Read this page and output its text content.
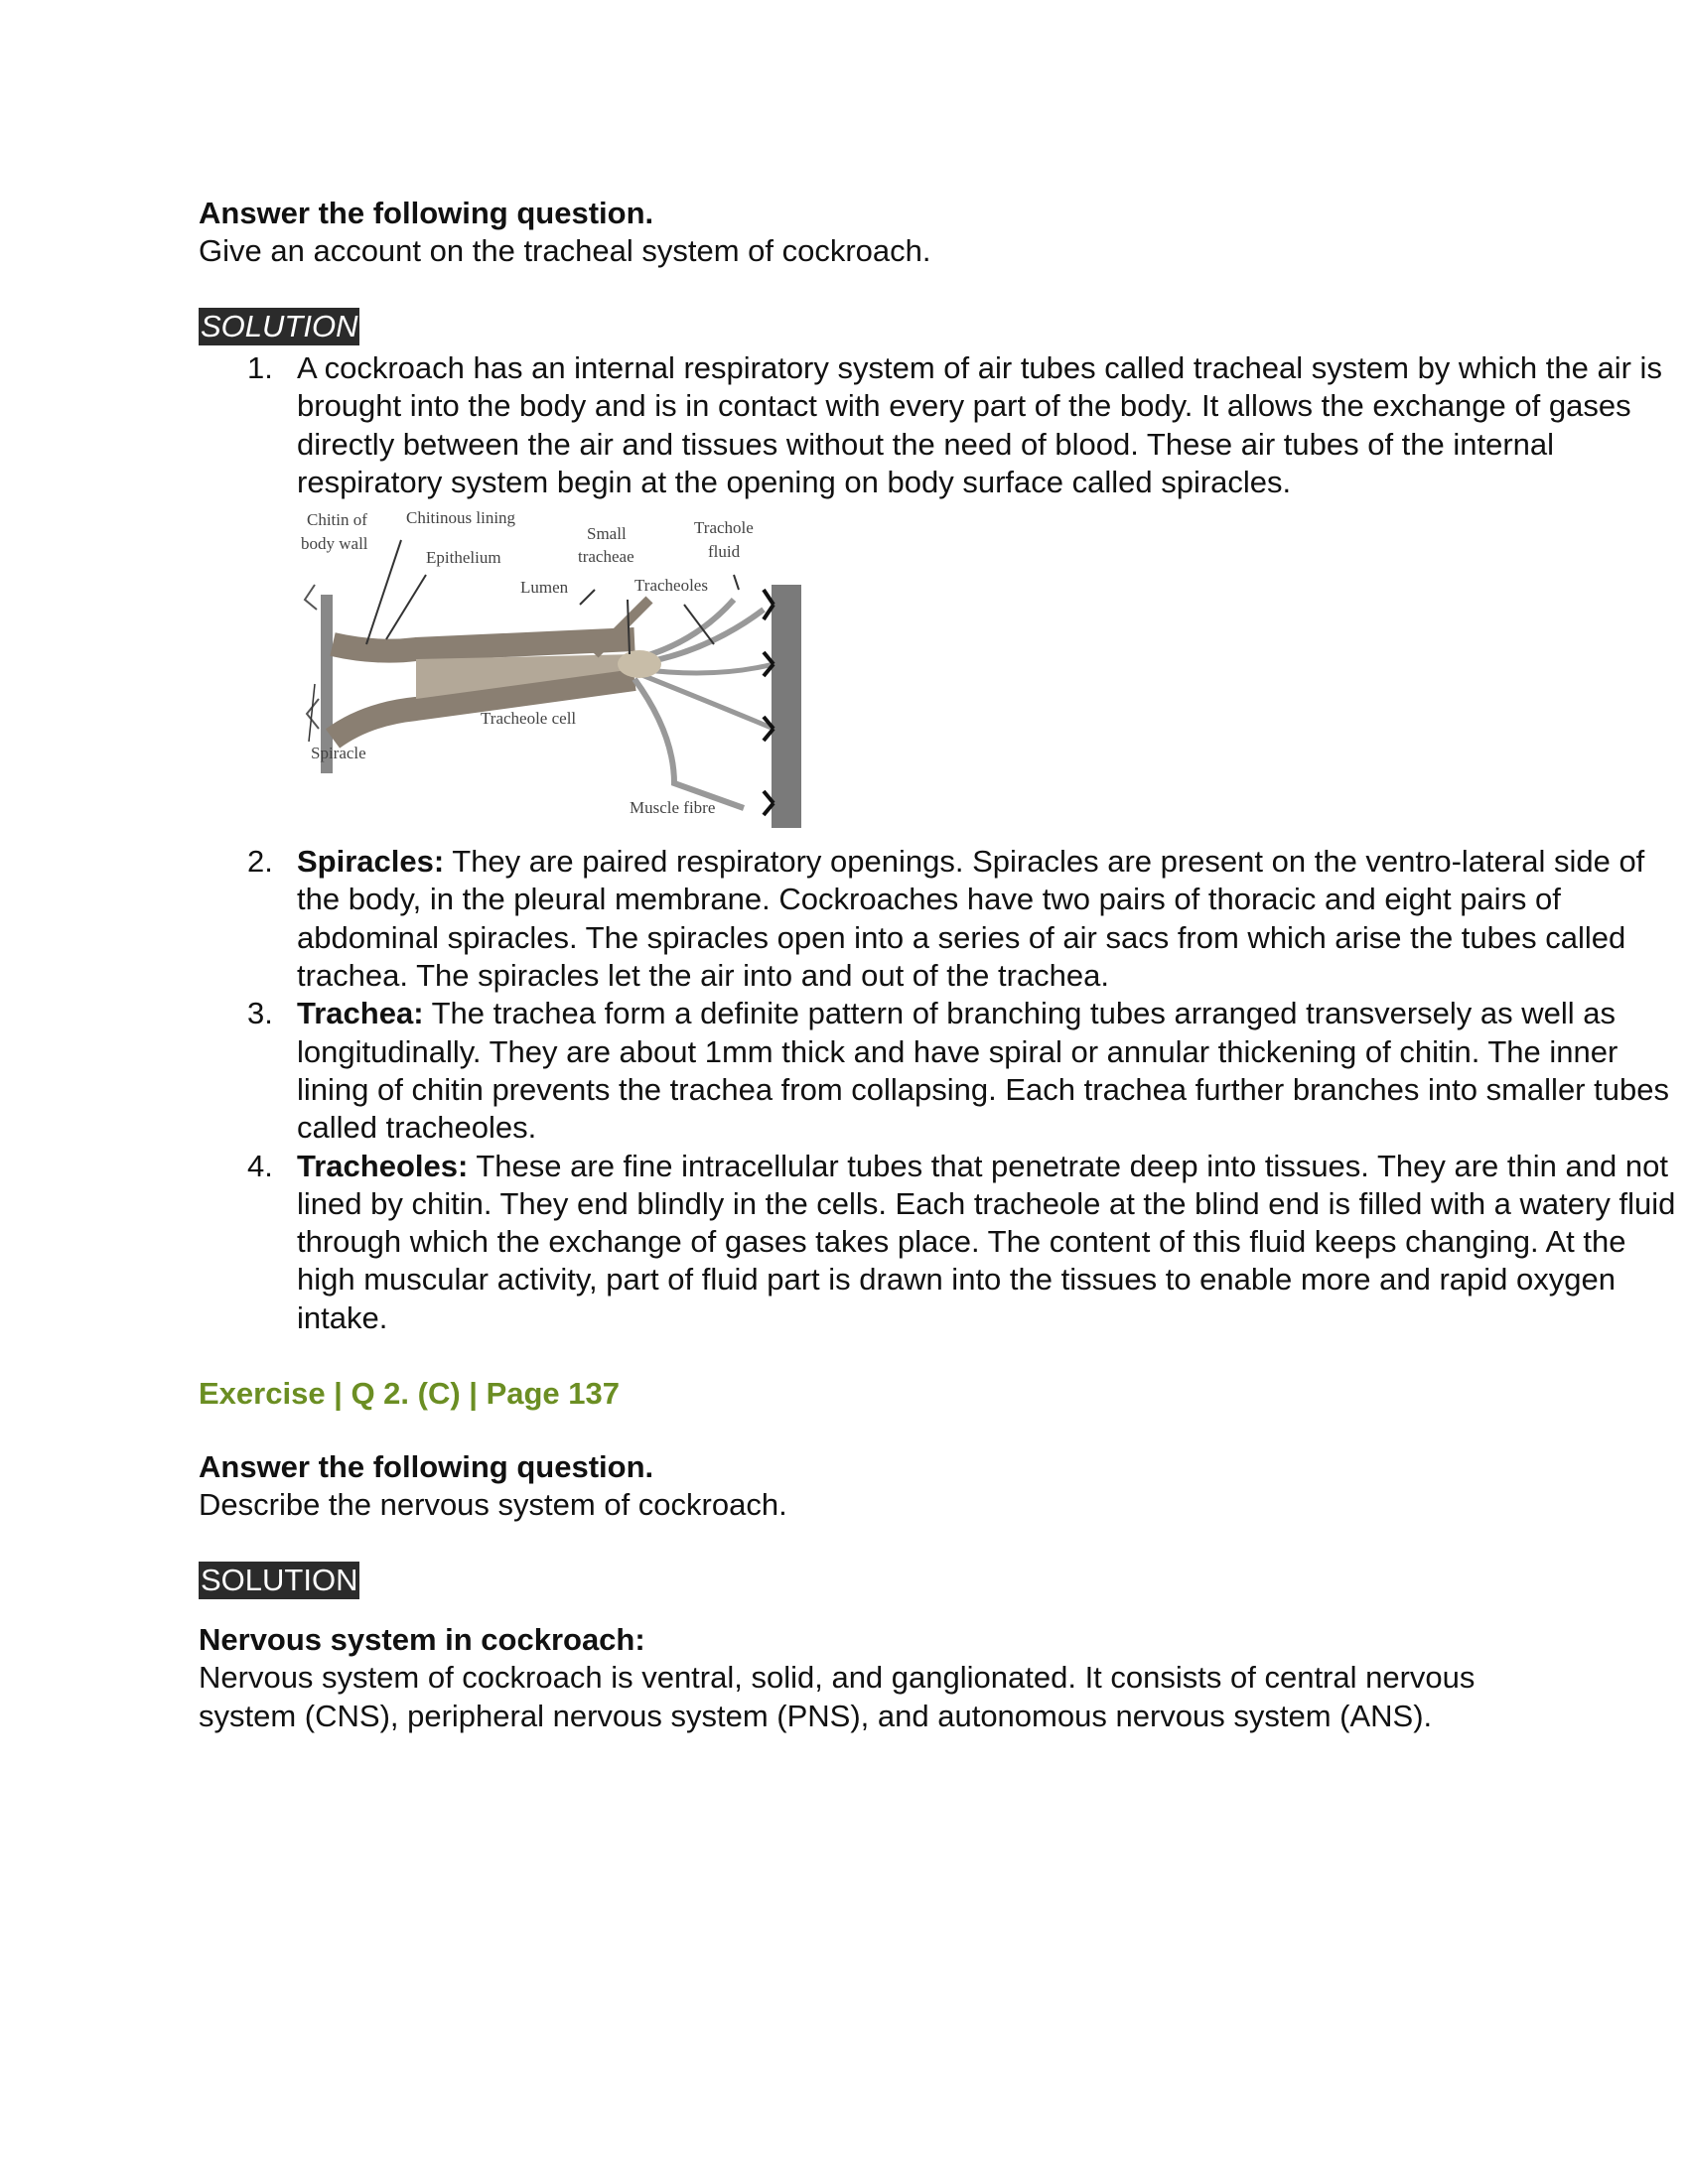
Answer the following question.

Give an account on the tracheal system of cockroach.

SOLUTION
1. A cockroach has an internal respiratory system of air tubes called tracheal system by which the air is brought into the body and is in contact with every part of the body. It allows the exchange of gases directly between the air and tissues without the need of blood. These air tubes of the internal respiratory system begin at the opening on body surface called spiracles.
Chitin of
body wall
Chitinous lining
Epithelium
Lumen
Small
tracheae
Trachole
fluid
Tracheoles
Tracheole cell
Spiracle
Muscle fibre
2. Spiracles: They are paired respiratory openings. Spiracles are present on the ventro-lateral side of the body, in the pleural membrane. Cockroaches have two pairs of thoracic and eight pairs of abdominal spiracles. The spiracles open into a series of air sacs from which arise the tubes called trachea. The spiracles let the air into and out of the trachea.
3. Trachea: The trachea form a definite pattern of branching tubes arranged transversely as well as longitudinally. They are about 1mm thick and have spiral or annular thickening of chitin. The inner lining of chitin prevents the trachea from collapsing. Each trachea further branches into smaller tubes called tracheoles.
4. Tracheoles: These are fine intracellular tubes that penetrate deep into tissues. They are thin and not lined by chitin. They end blindly in the cells. Each tracheole at the blind end is filled with a watery fluid through which the exchange of gases takes place. The content of this fluid keeps changing. At the high muscular activity, part of fluid part is drawn into the tissues to enable more and rapid oxygen intake.
Exercise | Q 2. (C) | Page 137

Answer the following question.

Describe the nervous system of cockroach.

SOLUTION

Nervous system in cockroach:

Nervous system of cockroach is ventral, solid, and ganglionated. It consists of central nervous system (CNS), peripheral nervous system (PNS), and autonomous nervous system (ANS).
